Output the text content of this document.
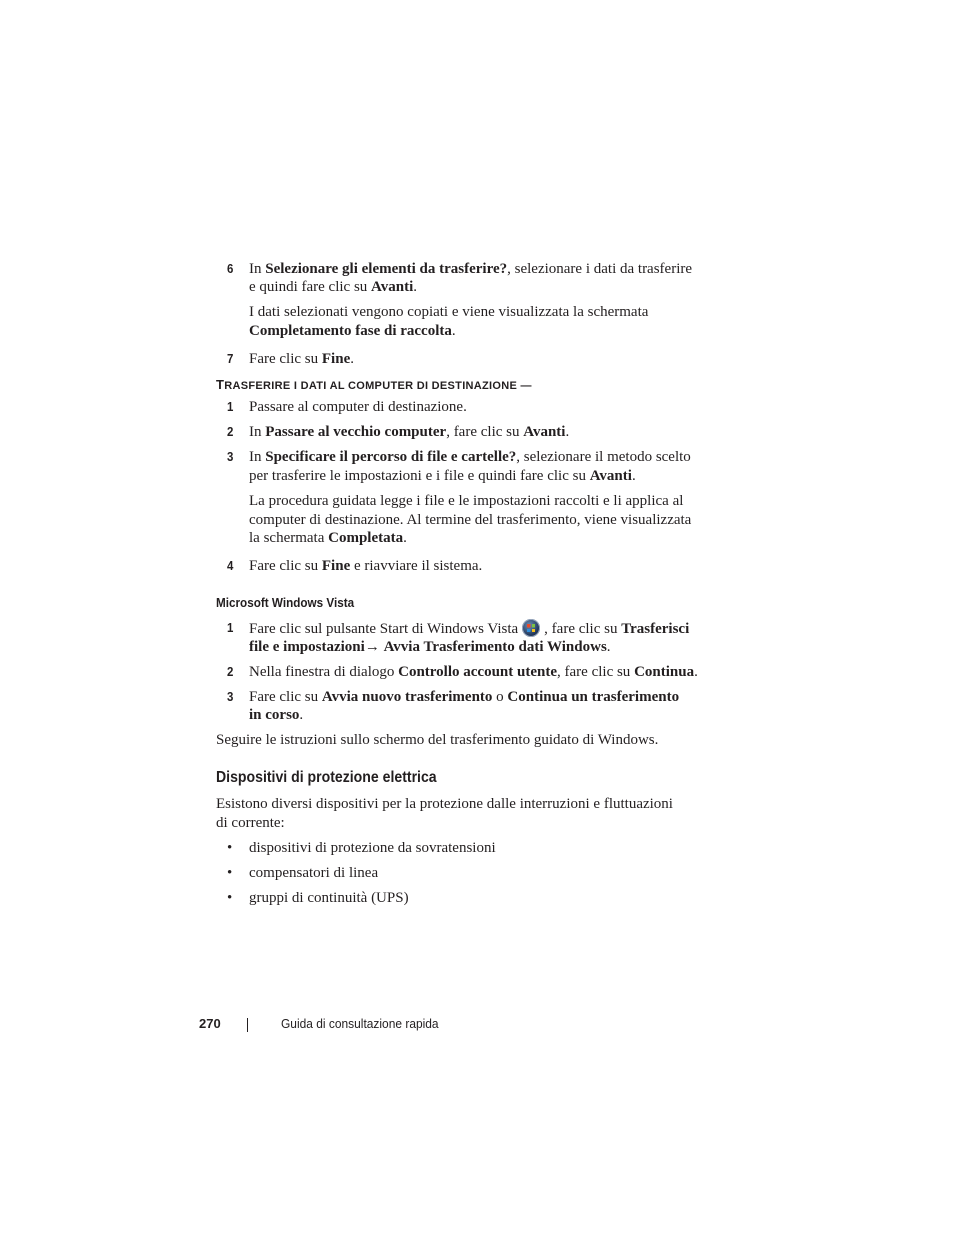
6	In Selezionare gli elementi da trasferire?, selezionare i dati da trasferire
e quindi fare clic su Avanti.
I dati selezionati vengono copiati e viene visualizzata la schermata
Completamento fase di raccolta.
7	Fare clic su Fine.
TRASFERIRE I DATI AL COMPUTER DI DESTINAZIONE —
1	Passare al computer di destinazione.
2	In Passare al vecchio computer, fare clic su Avanti.
3	In Specificare il percorso di file e cartelle?, selezionare il metodo scelto
per trasferire le impostazioni e i file e quindi fare clic su Avanti.
La procedura guidata legge i file e le impostazioni raccolti e li applica al
computer di destinazione. Al termine del trasferimento, viene visualizzata
la schermata Completata.
4	Fare clic su Fine e riavviare il sistema.
Microsoft Windows Vista
1	Fare clic sul pulsante Start di Windows Vista , fare clic su Trasferisci
file e impostazioni→ Avvia Trasferimento dati Windows.
2	Nella finestra di dialogo Controllo account utente, fare clic su Continua.
3	Fare clic su Avvia nuovo trasferimento o Continua un trasferimento
in corso.
Seguire le istruzioni sullo schermo del trasferimento guidato di Windows.
Dispositivi di protezione elettrica
Esistono diversi dispositivi per la protezione dalle interruzioni e fluttuazioni
di corrente:
• dispositivi di protezione da sovratensioni
• compensatori di linea
• gruppi di continuità (UPS)
270	Guida di consultazione rapida
